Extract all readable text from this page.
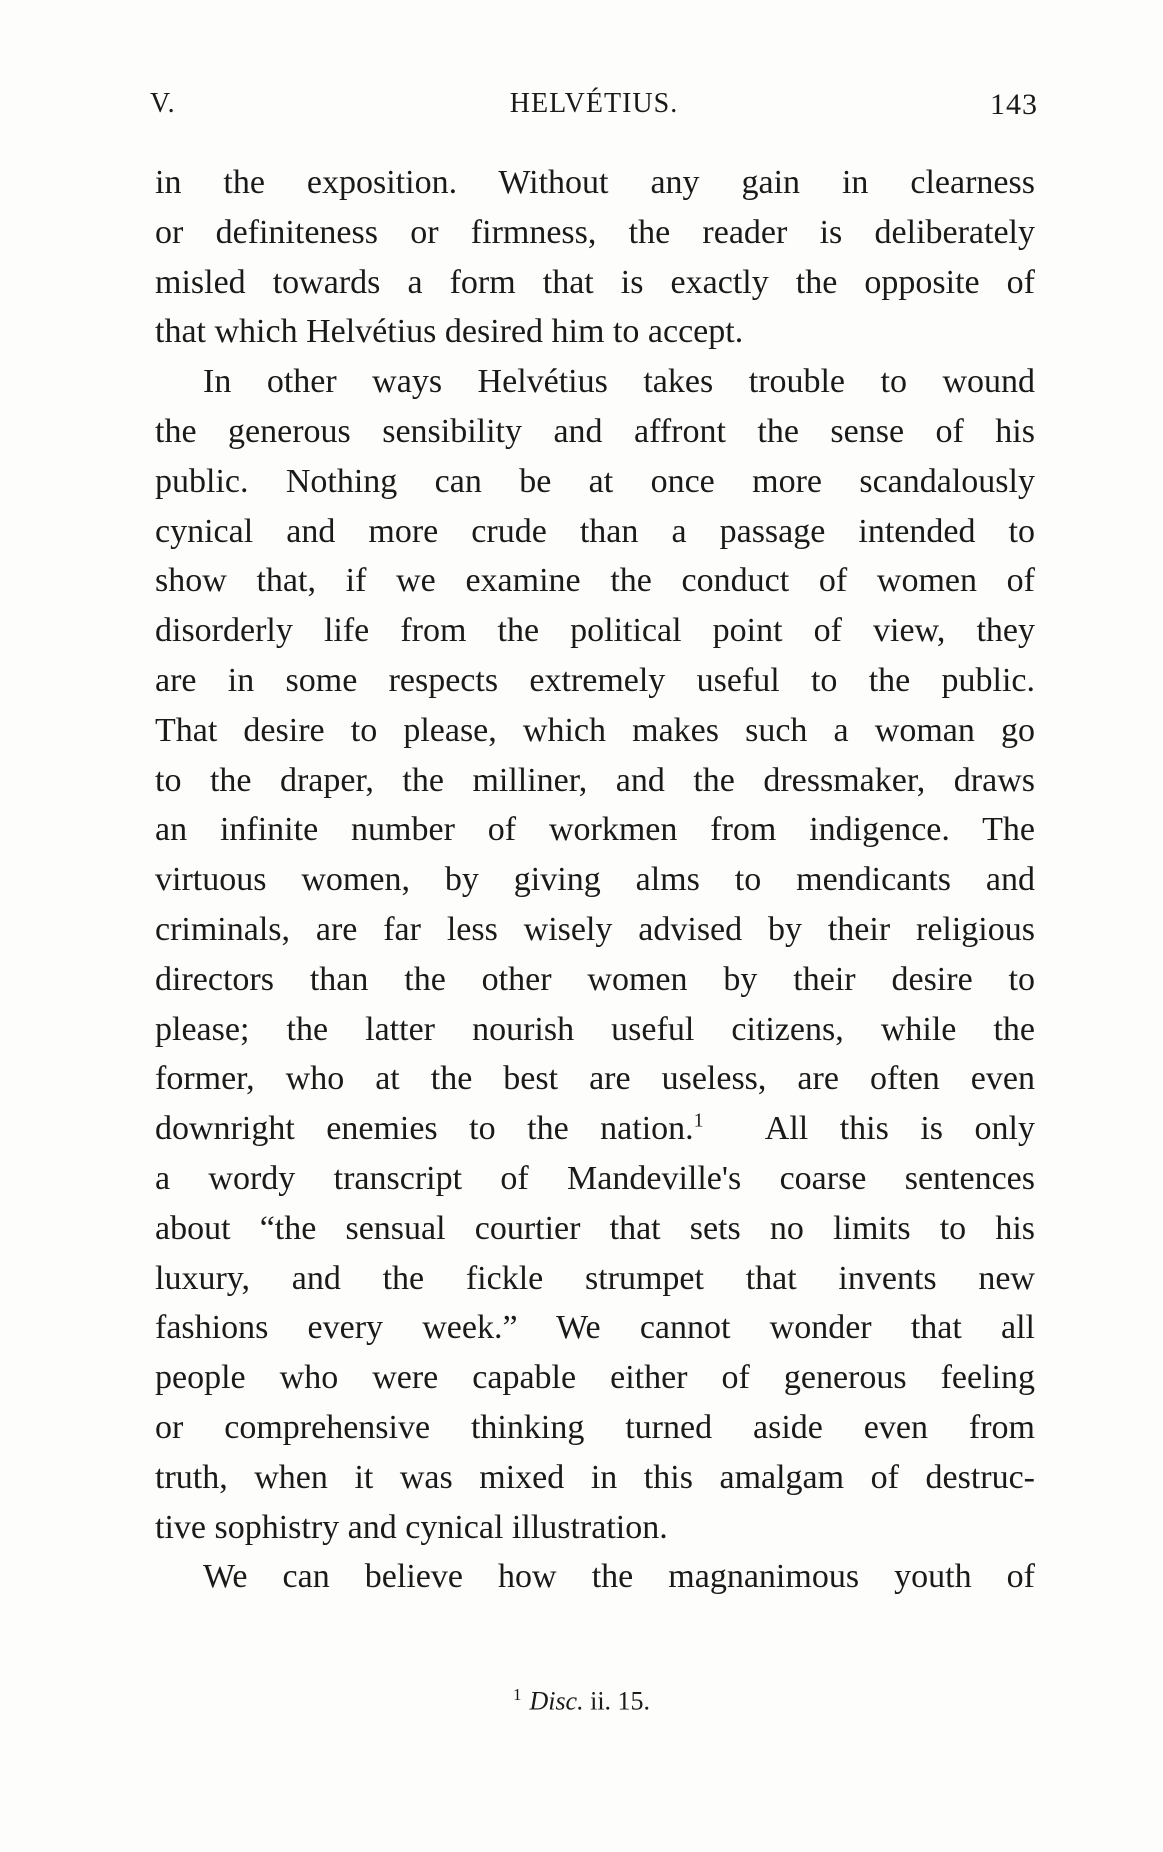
V.	HELVÉTIUS.	143
in the exposition. Without any gain in clearness
or definiteness or firmness, the reader is deliberately
misled towards a form that is exactly the opposite of
that which Helvétius desired him to accept.
In other ways Helvétius takes trouble to wound
the generous sensibility and affront the sense of his
public. Nothing can be at once more scandalously
cynical and more crude than a passage intended to
show that, if we examine the conduct of women of
disorderly life from the political point of view, they
are in some respects extremely useful to the public.
That desire to please, which makes such a woman go
to the draper, the milliner, and the dressmaker, draws
an infinite number of workmen from indigence. The
virtuous women, by giving alms to mendicants and
criminals, are far less wisely advised by their religious
directors than the other women by their desire to
please; the latter nourish useful citizens, while the
former, who at the best are useless, are often even
downright enemies to the nation.$^1$  All this is only
a wordy transcript of Mandeville's coarse sentences
about “the sensual courtier that sets no limits to his
luxury, and the fickle strumpet that invents new
fashions every week.” We cannot wonder that all
people who were capable either of generous feeling
or comprehensive thinking turned aside even from
truth, when it was mixed in this amalgam of destruc-
tive sophistry and cynical illustration.
We can believe how the magnanimous youth of
$^1$ Disc. ii. 15.
